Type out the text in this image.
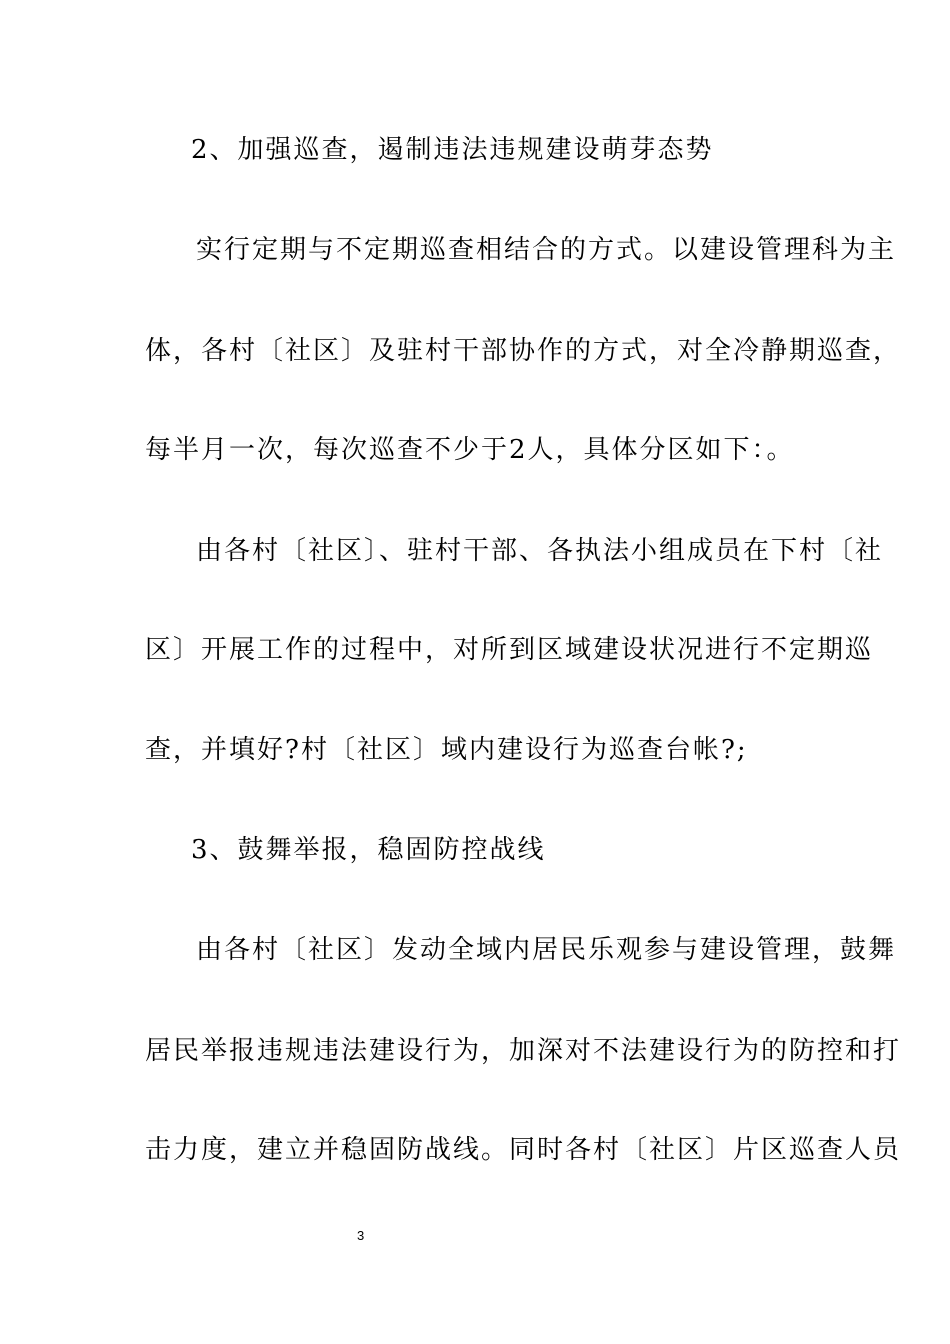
2、加强巡查，遏制违法违规建设萌芽态势
实行定期与不定期巡查相结合的方式。以建设管理科为主
体，各村〔社区〕及驻村干部协作的方式，对全冷静期巡查，
每半月一次，每次巡查不少于2人，具体分区如下：。
由各村〔社区〕、驻村干部、各执法小组成员在下村〔社
区〕开展工作的过程中，对所到区域建设状况进行不定期巡
查，并填好?村〔社区〕域内建设行为巡查台帐?;
3、鼓舞举报，稳固防控战线
由各村〔社区〕发动全域内居民乐观参与建设管理，鼓舞
居民举报违规违法建设行为，加深对不法建设行为的防控和打
击力度，建立并稳固防战线。同时各村〔社区〕片区巡查人员
3
